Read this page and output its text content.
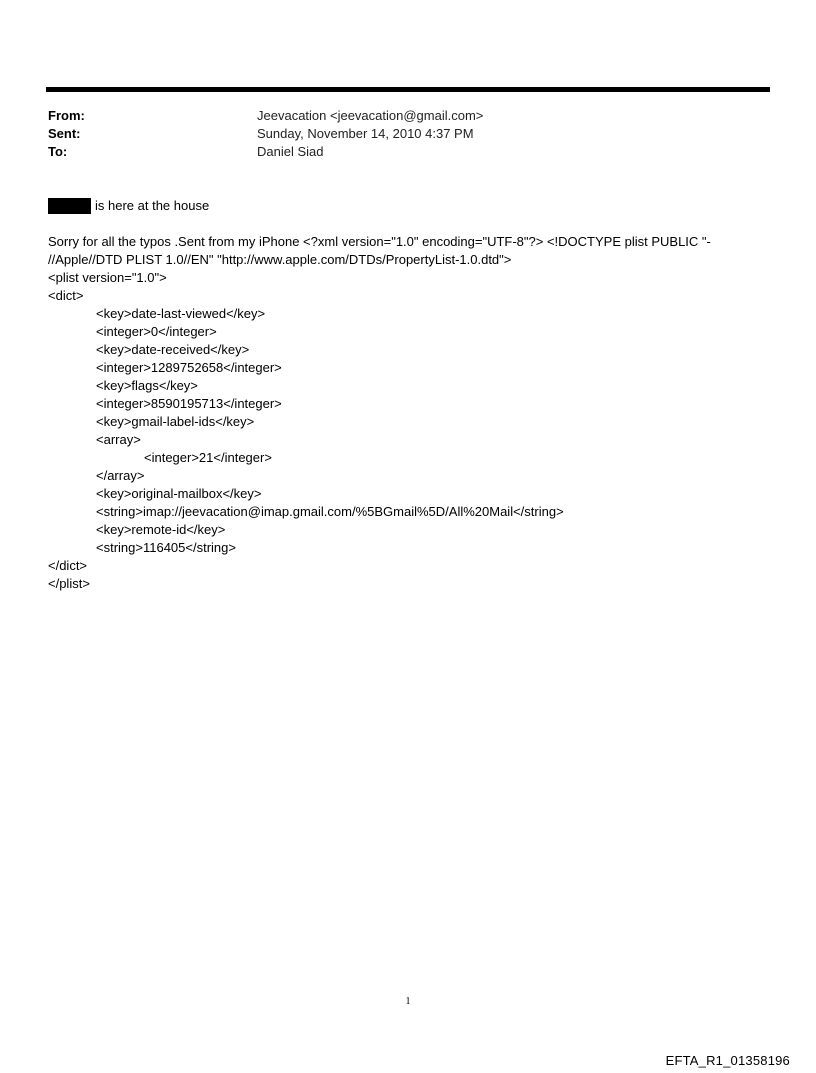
From:	Jeevacation <jeevacation@gmail.com>
Sent:	Sunday, November 14, 2010 4:37 PM
To:	Daniel Siad
is here at the house
Sorry for all the typos .Sent from my iPhone <?xml version="1.0" encoding="UTF-8"?> <!DOCTYPE plist PUBLIC "-
//Apple//DTD PLIST 1.0//EN" "http://www.apple.com/DTDs/PropertyList-1.0.dtd">
<plist version="1.0">
<dict>
<key>date-last-viewed</key>
<integer>0</integer>
<key>date-received</key>
<integer>1289752658</integer>
<key>flags</key>
<integer>8590195713</integer>
<key>gmail-label-ids</key>
<array>
<integer>21</integer>
</array>
<key>original-mailbox</key>
<string>imap://jeevacation@imap.gmail.com/%5BGmail%5D/All%20Mail</string>
<key>remote-id</key>
<string>116405</string>
</dict>
</plist>
1
EFTA_R1_01358196
